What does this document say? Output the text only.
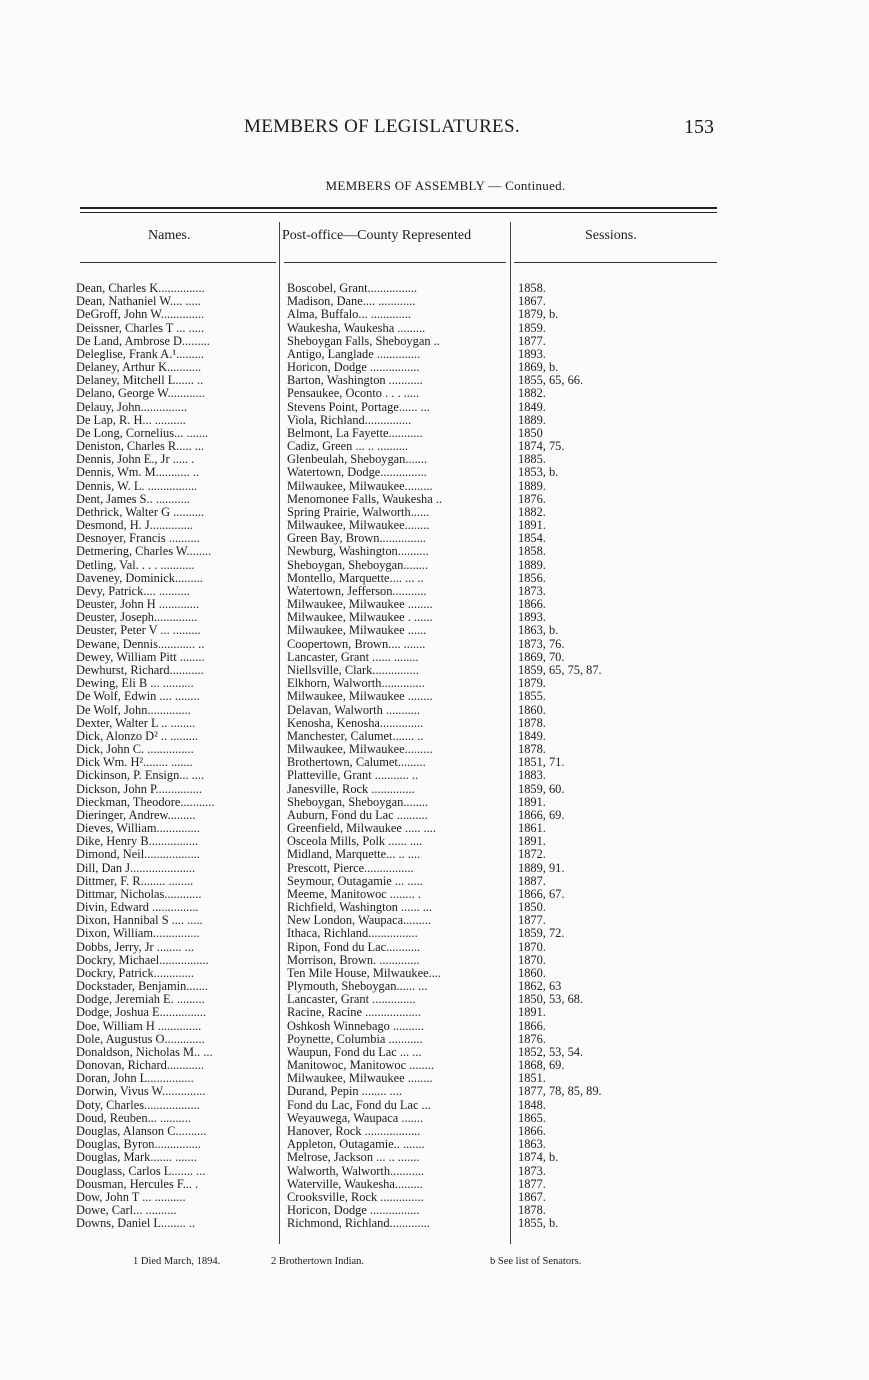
MEMBERS OF LEGISLATURES.	153
MEMBERS OF ASSEMBLY — Continued.
Names.	Post-office—County Represented	Sessions.
Dean, Charles K...............	Boscobel, Grant................	1858.
Dean, Nathaniel W.... .....	Madison, Dane.... ............	1867.
DeGroff, John W..............	Alma, Buffalo... .............	1879, b.
Deissner, Charles T ... .....	Waukesha, Waukesha .........	1859.
De Land, Ambrose D.........	Sheboygan Falls, Sheboygan ..	1877.
Deleglise, Frank A.¹.........	Antigo, Langlade ..............	1893.
Delaney, Arthur K...........	Horicon, Dodge ................	1869, b.
Delaney, Mitchell L...... ..	Barton, Washington ...........	1855, 65, 66.
Delano, George W............	Pensaukee, Oconto . . . .....	1882.
Delauy, John...............	Stevens Point, Portage...... ...	1849.
De Lap, R. H... ..........	Viola, Richland...............	1889.
De Long, Cornelius... .......	Belmont, La Fayette...........	1850
Deniston, Charles R..... ...	Cadiz, Green ... .. ..........	1874, 75.
Dennis, John E., Jr ..... .	Glenbeulah, Sheboygan.......	1885.
Dennis, Wm. M........... ..	Watertown, Dodge...............	1853, b.
Dennis, W. L. ................	Milwaukee, Milwaukee.........	1889.
Dent, James S.. ...........	Menomonee Falls, Waukesha ..	1876.
Dethrick, Walter G ..........	Spring Prairie, Walworth......	1882.
Desmond, H. J..............	Milwaukee, Milwaukee........	1891.
Desnoyer, Francis ..........	Green Bay, Brown...............	1854.
Detmering, Charles W........	Newburg, Washington..........	1858.
Detling, Val. . . . ...........	Sheboygan, Sheboygan........	1889.
Daveney, Dominick.........	Montello, Marquette.... ... ..	1856.
Devy, Patrick.... ..........	Watertown, Jefferson...........	1873.
Deuster, John H .............	Milwaukee, Milwaukee ........	1866.
Deuster, Joseph..............	Milwaukee, Milwaukee . ......	1893.
Deuster, Peter V ... .........	Milwaukee, Milwaukee ......	1863, b.
Dewane, Dennis............ ..	Coopertown, Brown.... .......	1873, 76.
Dewey, William Pitt ........	Lancaster, Grant ...... ........	1869, 70.
Dewhurst, Richard...........	Niellsville, Clark...............	1859, 65, 75, 87.
Dewing, Eli B ... ..........	Elkhorn, Walworth..............	1879.
De Wolf, Edwin .... ........	Milwaukee, Milwaukee ........	1855.
De Wolf, John..............	Delavan, Walworth ...........	1860.
Dexter, Walter L .. ........	Kenosha, Kenosha..............	1878.
Dick, Alonzo D² .. .........	Manchester, Calumet....... ..	1849.
Dick, John C. ...............	Milwaukee, Milwaukee.........	1878.
Dick Wm. H²........ .......	Brothertown, Calumet.........	1851, 71.
Dickinson, P. Ensign... ....	Platteville, Grant ........... ..	1883.
Dickson, John P...............	Janesville, Rock ..............	1859, 60.
Dieckman, Theodore...........	Sheboygan, Sheboygan........	1891.
Dieringer, Andrew.........	Auburn, Fond du Lac ..........	1866, 69.
Dieves, William..............	Greenfield, Milwaukee ..... ....	1861.
Dike, Henry B................	Osceola Mills, Polk ...... ....	1891.
Dimond, Neil..................	Midland, Marquette... .. ....	1872.
Dill, Dan J.....................	Prescott, Pierce................	1889, 91.
Dittmer, F. R........ ........	Seymour, Outagamie ... .....	1887.
Dittmar, Nicholas............	Meeme, Manitowoc ........ .	1866, 67.
Divin, Edward ...............	Richfield, Washington ...... ...	1850.
Dixon, Hannibal S .... .....	New London, Waupaca.........	1877.
Dixon, William...............	Ithaca, Richland................	1859, 72.
Dobbs, Jerry, Jr ........ ...	Ripon, Fond du Lac...........	1870.
Dockry, Michael................	Morrison, Brown. .............	1870.
Dockry, Patrick.............	Ten Mile House, Milwaukee....	1860.
Dockstader, Benjamin.......	Plymouth, Sheboygan...... ...	1862, 63
Dodge, Jeremiah E. .........	Lancaster, Grant ..............	1850, 53, 68.
Dodge, Joshua E...............	Racine, Racine ..................	1891.
Doe, William H ..............	Oshkosh Winnebago ..........	1866.
Dole, Augustus O.............	Poynette, Columbia ...........	1876.
Donaldson, Nicholas M.. ...	Waupun, Fond du Lac ... ...	1852, 53, 54.
Donovan, Richard............	Manitowoc, Manitowoc ........	1868, 69.
Doran, John L...............	Milwaukee, Milwaukee ........	1851.
Dorwin, Vivus W..............	Durand, Pepin ........ ....	1877, 78, 85, 89.
Doty, Charles..................	Fond du Lac, Fond du Lac ...	1848.
Doud, Reuben... ..........	Weyauwega, Waupaca .......	1865.
Douglas, Alanson C..........	Hanover, Rock ..................	1866.
Douglas, Byron...............	Appleton, Outagamie.. .......	1863.
Douglas, Mark....... .......	Melrose, Jackson ... .. .......	1874, b.
Douglass, Carlos L....... ...	Walworth, Walworth...........	1873.
Dousman, Hercules F... .	Waterville, Waukesha.........	1877.
Dow, John T ... ..........	Crooksville, Rock ..............	1867.
Dowe, Carl... ..........	Horicon, Dodge ................	1878.
Downs, Daniel L........ ..	Richmond, Richland.............	1855, b.
1 Died March, 1894.	2 Brothertown Indian.	b See list of Senators.
